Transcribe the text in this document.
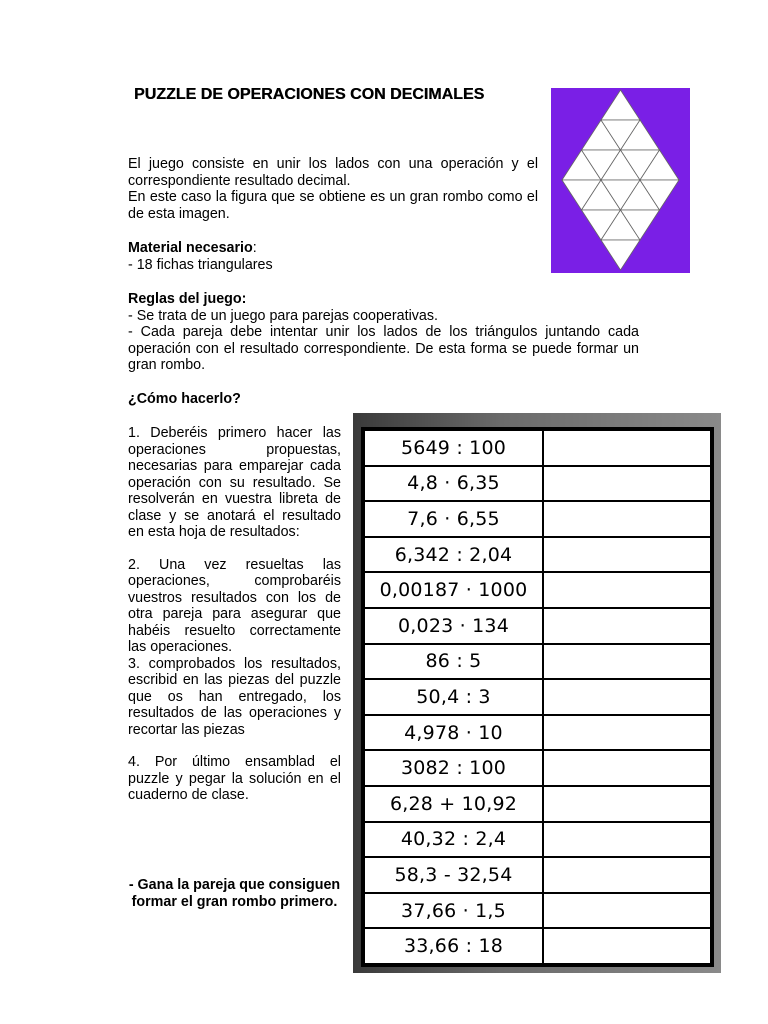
PUZZLE DE OPERACIONES CON DECIMALES

El juego consiste en unir los lados con una operación y el correspondiente resultado decimal.

En este caso la figura que se obtiene es un gran rombo como el de esta imagen.

Material necesario:

- 18 fichas triangulares

Reglas del juego:

- Se trata de un juego para parejas cooperativas.

- Cada pareja debe intentar unir los lados de los triángulos juntando cada operación con el resultado correspondiente. De esta forma se puede formar un gran rombo.

¿Cómo hacerlo?

1. Deberéis primero hacer las operaciones propuestas, necesarias para emparejar cada operación con su resultado. Se resolverán en vuestra libreta de clase y se anotará el resultado en esta hoja de resultados:

2. Una vez resueltas las operaciones, comprobaréis vuestros resultados con los de otra pareja para asegurar que habéis resuelto correctamente las operaciones.

3. comprobados los resultados, escribid en las piezas del puzzle que os han entregado, los resultados de las operaciones y recortar las piezas

4. Por último ensamblad el puzzle y pegar la solución en el cuaderno de clase.

- Gana la pareja que consiguen formar el gran rombo primero.
5649 : 100	
4,8 · 6,35	
7,6 · 6,55	
6,342 : 2,04	
0,00187 · 1000	
0,023 · 134	
86 : 5	
50,4 : 3	
4,978 · 10	
3082 : 100	
6,28 + 10,92	
40,32 : 2,4	
58,3 - 32,54	
37,66 · 1,5	
33,66 : 18	
